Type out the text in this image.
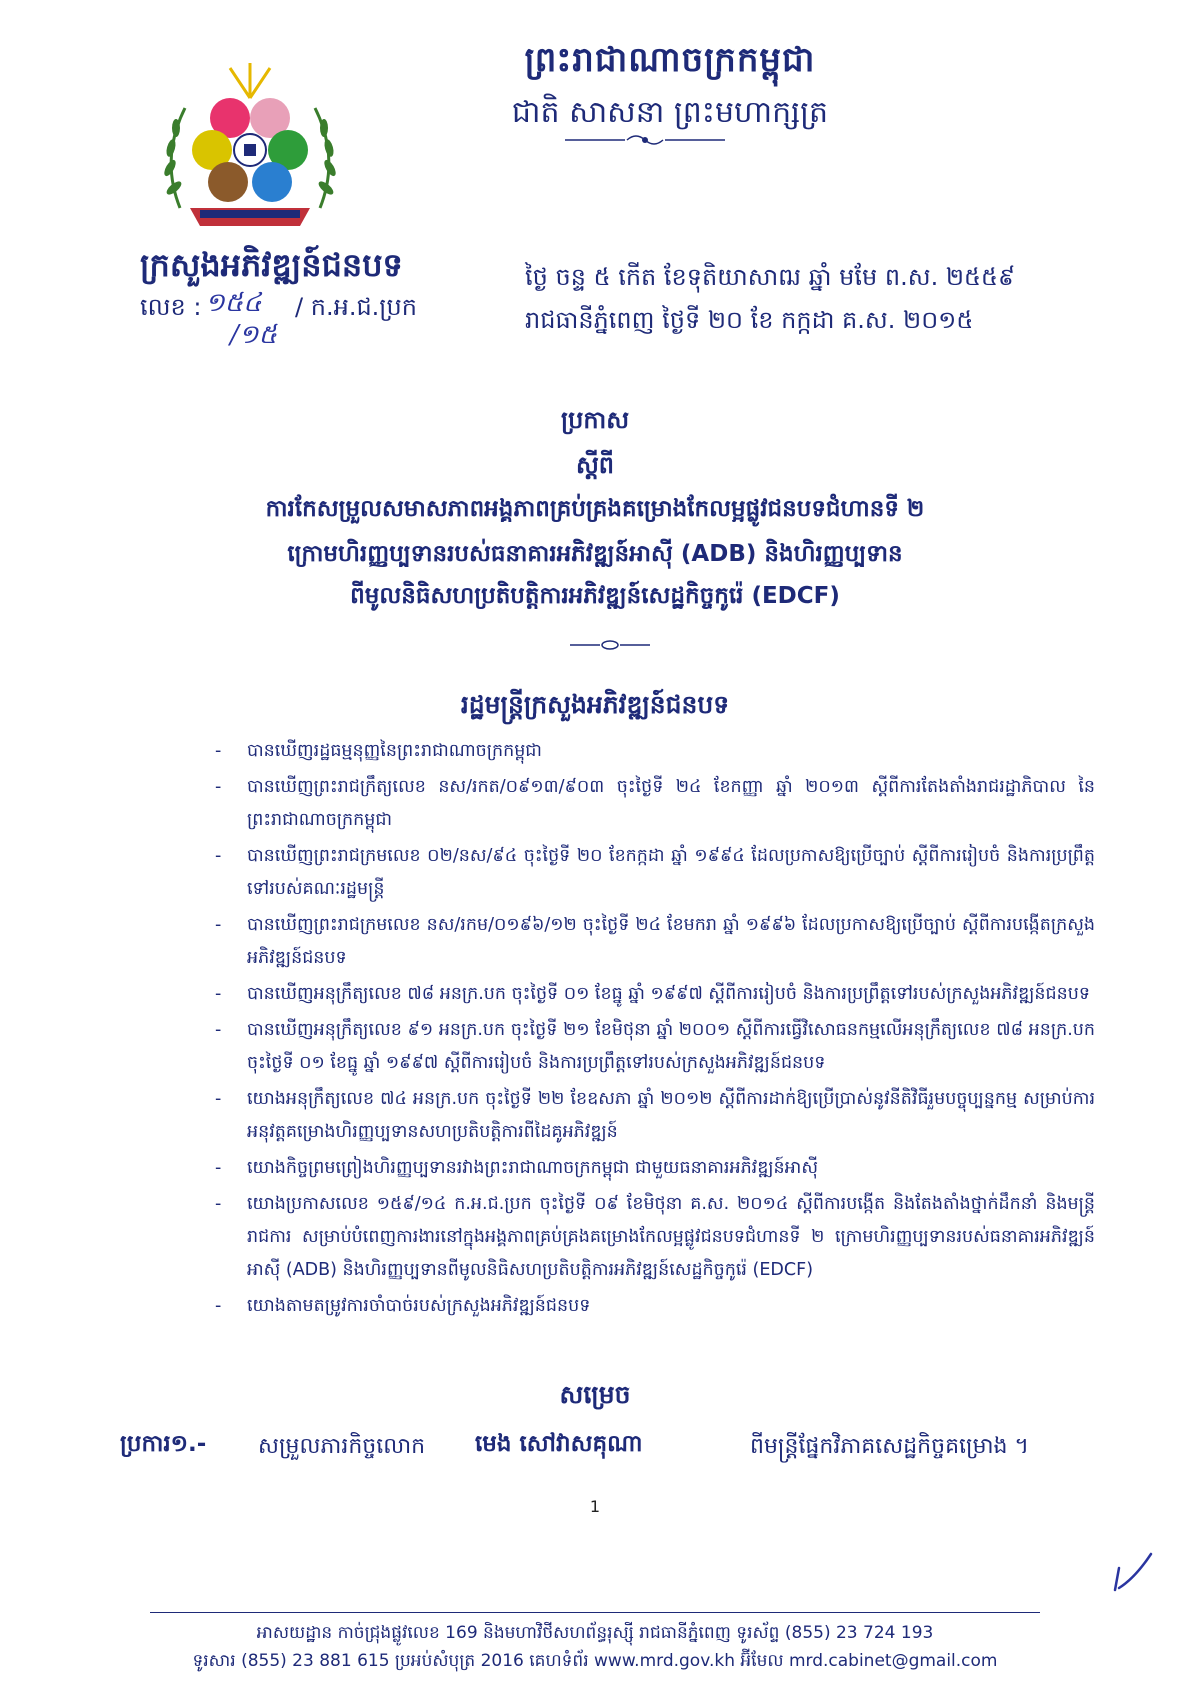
ព្រះរាជាណាចក្រកម្ពុជា
ជាតិ សាសនា ព្រះមហាក្សត្រ
ក្រសួងអភិវឌ្ឍន៍ជនបទ
លេខ : ១៥៤ / ក.អ.ជ.ប្រក
/១៥
ថ្ងៃ ចន្ទ ៥ កើត ខែទុតិយាសាឍ ឆ្នាំ មមែ ព.ស. ២៥៥៩
រាជធានីភ្នំពេញ ថ្ងៃទី ២០ ខែ កក្កដា គ.ស. ២០១៥
ប្រកាស
ស្តីពី
ការកែសម្រួលសមាសភាពអង្គភាពគ្រប់គ្រងគម្រោងកែលម្អផ្លូវជនបទជំហានទី ២
ក្រោមហិរញ្ញប្បទានរបស់ធនាគារអភិវឌ្ឍន៍អាស៊ី (ADB) និងហិរញ្ញប្បទាន
ពីមូលនិធិសហប្រតិបត្តិការអភិវឌ្ឍន៍សេដ្ឋកិច្ចកូរ៉េ (EDCF)
រដ្ឋមន្ត្រីក្រសួងអភិវឌ្ឍន៍ជនបទ
- បានឃើញរដ្ឋធម្មនុញ្ញនៃព្រះរាជាណាចក្រកម្ពុជា
- បានឃើញព្រះរាជក្រឹត្យលេខ នស/រកត/០៩១៣/៩០៣ ចុះថ្ងៃទី ២៤ ខែកញ្ញា ឆ្នាំ ២០១៣ ស្តីពីការតែងតាំងរាជរដ្ឋាភិបាល នៃព្រះរាជាណាចក្រកម្ពុជា
- បានឃើញព្រះរាជក្រមលេខ ០២/នស/៩៤ ចុះថ្ងៃទី ២០ ខែកក្កដា ឆ្នាំ ១៩៩៤ ដែលប្រកាសឱ្យប្រើច្បាប់ ស្តីពីការរៀបចំ និងការប្រព្រឹត្តទៅរបស់គណៈរដ្ឋមន្ត្រី
- បានឃើញព្រះរាជក្រមលេខ នស/រកម/០១៩៦/១២ ចុះថ្ងៃទី ២៤ ខែមករា ឆ្នាំ ១៩៩៦ ដែលប្រកាសឱ្យប្រើច្បាប់ ស្តីពីការបង្កើតក្រសួងអភិវឌ្ឍន៍ជនបទ
- បានឃើញអនុក្រឹត្យលេខ ៧៨ អនក្រ.បក ចុះថ្ងៃទី ០១ ខែធ្នូ ឆ្នាំ ១៩៩៧ ស្តីពីការរៀបចំ និងការប្រព្រឹត្តទៅរបស់ក្រសួងអភិវឌ្ឍន៍ជនបទ
- បានឃើញអនុក្រឹត្យលេខ ៩១ អនក្រ.បក ចុះថ្ងៃទី ២១ ខែមិថុនា ឆ្នាំ ២០០១ ស្តីពីការធ្វើវិសោធនកម្មលើអនុក្រឹត្យលេខ ៧៨ អនក្រ.បក ចុះថ្ងៃទី ០១ ខែធ្នូ ឆ្នាំ ១៩៩៧ ស្តីពីការរៀបចំ និងការប្រព្រឹត្តទៅរបស់ក្រសួងអភិវឌ្ឍន៍ជនបទ
- យោងអនុក្រឹត្យលេខ ៧៤ អនក្រ.បក ចុះថ្ងៃទី ២២ ខែឧសភា ឆ្នាំ ២០១២ ស្តីពីការដាក់ឱ្យប្រើប្រាស់នូវនីតិវិធីរួមបច្ចុប្បន្នកម្ម សម្រាប់ការអនុវត្តគម្រោងហិរញ្ញប្បទានសហប្រតិបត្តិការពីដៃគូអភិវឌ្ឍន៍
- យោងកិច្ចព្រមព្រៀងហិរញ្ញប្បទានរវាងព្រះរាជាណាចក្រកម្ពុជា ជាមួយធនាគារអភិវឌ្ឍន៍អាស៊ី
- យោងប្រកាសលេខ ១៥៩/១៤ ក.អ.ជ.ប្រក ចុះថ្ងៃទី ០៩ ខែមិថុនា គ.ស. ២០១៤ ស្តីពីការបង្កើត និងតែងតាំងថ្នាក់ដឹកនាំ និងមន្ត្រីរាជការ សម្រាប់បំពេញការងារនៅក្នុងអង្គភាពគ្រប់គ្រងគម្រោងកែលម្អផ្លូវជនបទជំហានទី ២ ក្រោមហិរញ្ញប្បទានរបស់ធនាគារអភិវឌ្ឍន៍អាស៊ី (ADB) និងហិរញ្ញប្បទានពីមូលនិធិសហប្រតិបត្តិការអភិវឌ្ឍន៍សេដ្ឋកិច្ចកូរ៉េ (EDCF)
- យោងតាមតម្រូវការចាំបាច់របស់ក្រសួងអភិវឌ្ឍន៍ជនបទ
សម្រេច
ប្រការ១.- សម្រួលភារកិច្ចលោក មេង សៅវាសគុណា	ពីមន្ត្រីផ្នែកវិភាគសេដ្ឋកិច្ចគម្រោង ។
1
អាសយដ្ឋាន កាច់ជ្រុងផ្លូវលេខ 169 និងមហាវិថីសហព័ន្ធរុស្ស៊ី រាជធានីភ្នំពេញ ទូរស័ព្ទ (855) 23 724 193
ទូរសារ (855) 23 881 615 ប្រអប់សំបុត្រ 2016 គេហទំព័រ www.mrd.gov.kh អ៊ីមែល mrd.cabinet@gmail.com
